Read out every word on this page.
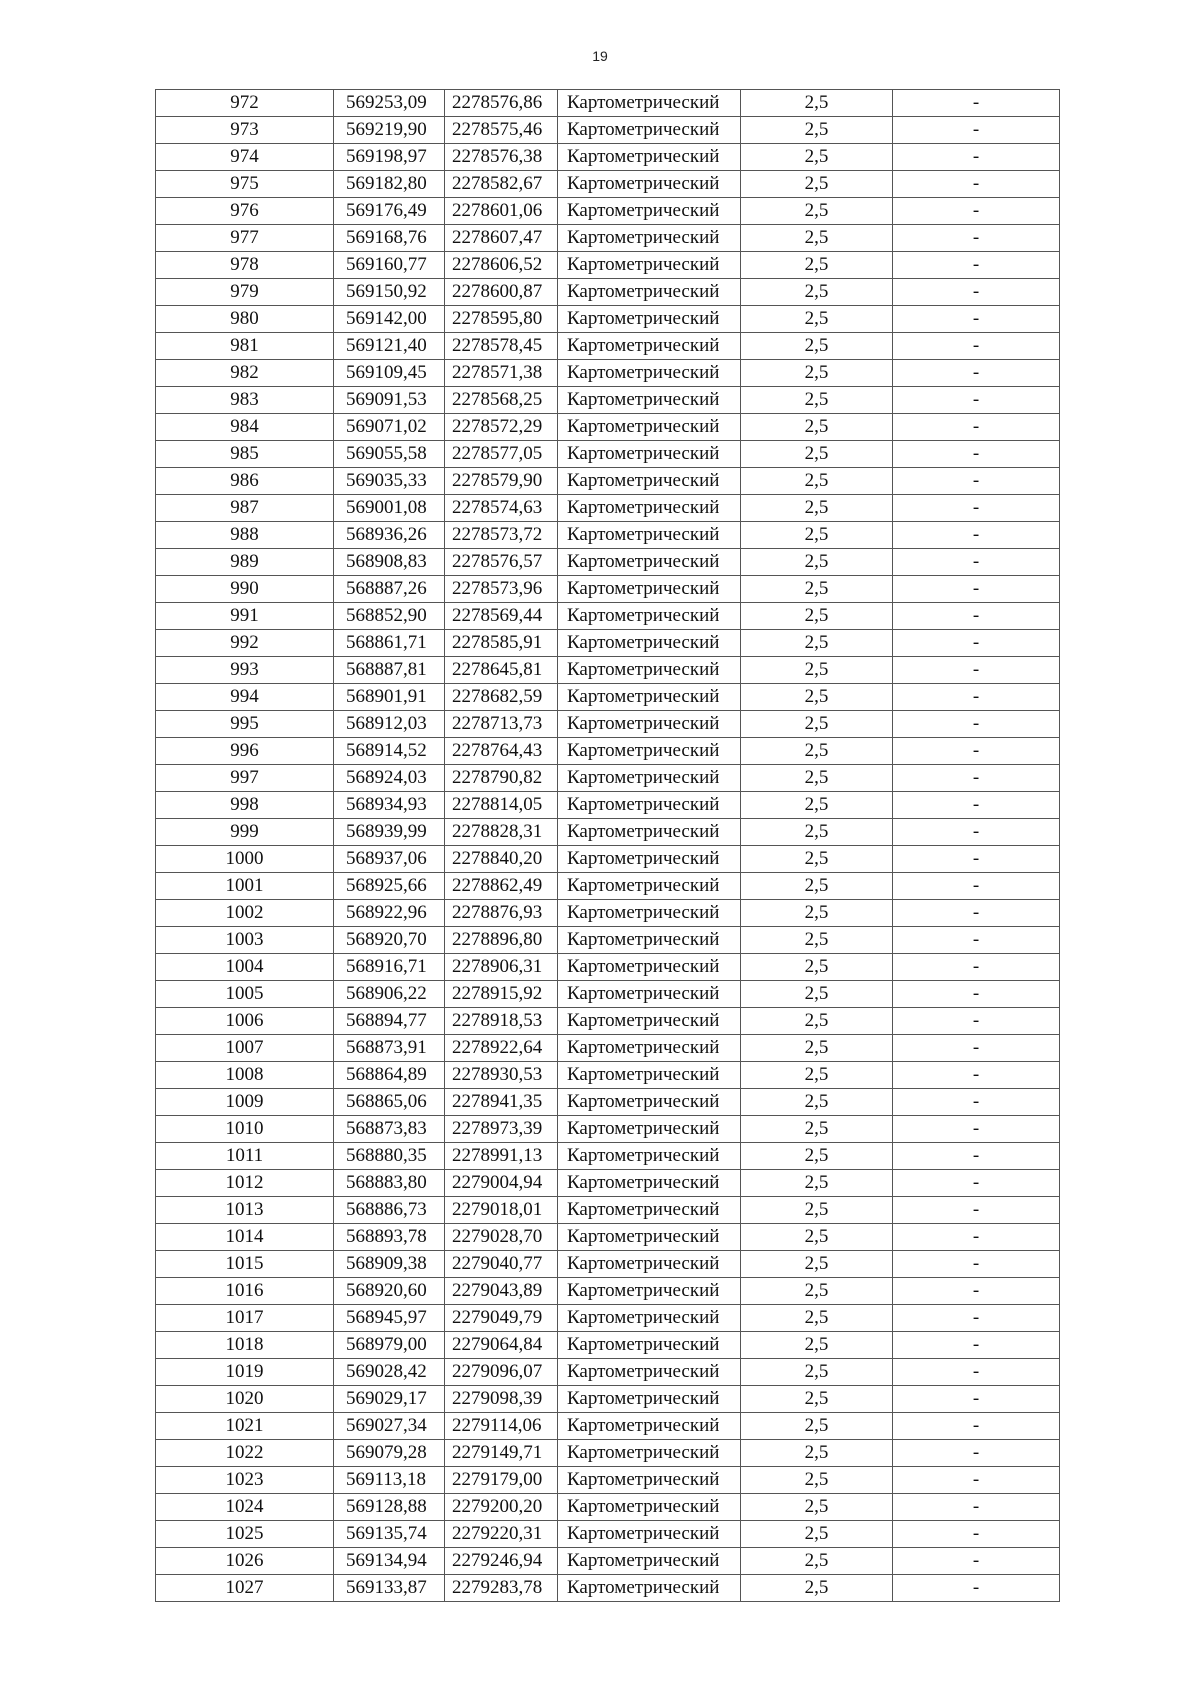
19
972	569253,09	2278576,86	Картометрический	2,5	-
973	569219,90	2278575,46	Картометрический	2,5	-
974	569198,97	2278576,38	Картометрический	2,5	-
975	569182,80	2278582,67	Картометрический	2,5	-
976	569176,49	2278601,06	Картометрический	2,5	-
977	569168,76	2278607,47	Картометрический	2,5	-
978	569160,77	2278606,52	Картометрический	2,5	-
979	569150,92	2278600,87	Картометрический	2,5	-
980	569142,00	2278595,80	Картометрический	2,5	-
981	569121,40	2278578,45	Картометрический	2,5	-
982	569109,45	2278571,38	Картометрический	2,5	-
983	569091,53	2278568,25	Картометрический	2,5	-
984	569071,02	2278572,29	Картометрический	2,5	-
985	569055,58	2278577,05	Картометрический	2,5	-
986	569035,33	2278579,90	Картометрический	2,5	-
987	569001,08	2278574,63	Картометрический	2,5	-
988	568936,26	2278573,72	Картометрический	2,5	-
989	568908,83	2278576,57	Картометрический	2,5	-
990	568887,26	2278573,96	Картометрический	2,5	-
991	568852,90	2278569,44	Картометрический	2,5	-
992	568861,71	2278585,91	Картометрический	2,5	-
993	568887,81	2278645,81	Картометрический	2,5	-
994	568901,91	2278682,59	Картометрический	2,5	-
995	568912,03	2278713,73	Картометрический	2,5	-
996	568914,52	2278764,43	Картометрический	2,5	-
997	568924,03	2278790,82	Картометрический	2,5	-
998	568934,93	2278814,05	Картометрический	2,5	-
999	568939,99	2278828,31	Картометрический	2,5	-
1000	568937,06	2278840,20	Картометрический	2,5	-
1001	568925,66	2278862,49	Картометрический	2,5	-
1002	568922,96	2278876,93	Картометрический	2,5	-
1003	568920,70	2278896,80	Картометрический	2,5	-
1004	568916,71	2278906,31	Картометрический	2,5	-
1005	568906,22	2278915,92	Картометрический	2,5	-
1006	568894,77	2278918,53	Картометрический	2,5	-
1007	568873,91	2278922,64	Картометрический	2,5	-
1008	568864,89	2278930,53	Картометрический	2,5	-
1009	568865,06	2278941,35	Картометрический	2,5	-
1010	568873,83	2278973,39	Картометрический	2,5	-
1011	568880,35	2278991,13	Картометрический	2,5	-
1012	568883,80	2279004,94	Картометрический	2,5	-
1013	568886,73	2279018,01	Картометрический	2,5	-
1014	568893,78	2279028,70	Картометрический	2,5	-
1015	568909,38	2279040,77	Картометрический	2,5	-
1016	568920,60	2279043,89	Картометрический	2,5	-
1017	568945,97	2279049,79	Картометрический	2,5	-
1018	568979,00	2279064,84	Картометрический	2,5	-
1019	569028,42	2279096,07	Картометрический	2,5	-
1020	569029,17	2279098,39	Картометрический	2,5	-
1021	569027,34	2279114,06	Картометрический	2,5	-
1022	569079,28	2279149,71	Картометрический	2,5	-
1023	569113,18	2279179,00	Картометрический	2,5	-
1024	569128,88	2279200,20	Картометрический	2,5	-
1025	569135,74	2279220,31	Картометрический	2,5	-
1026	569134,94	2279246,94	Картометрический	2,5	-
1027	569133,87	2279283,78	Картометрический	2,5	-
